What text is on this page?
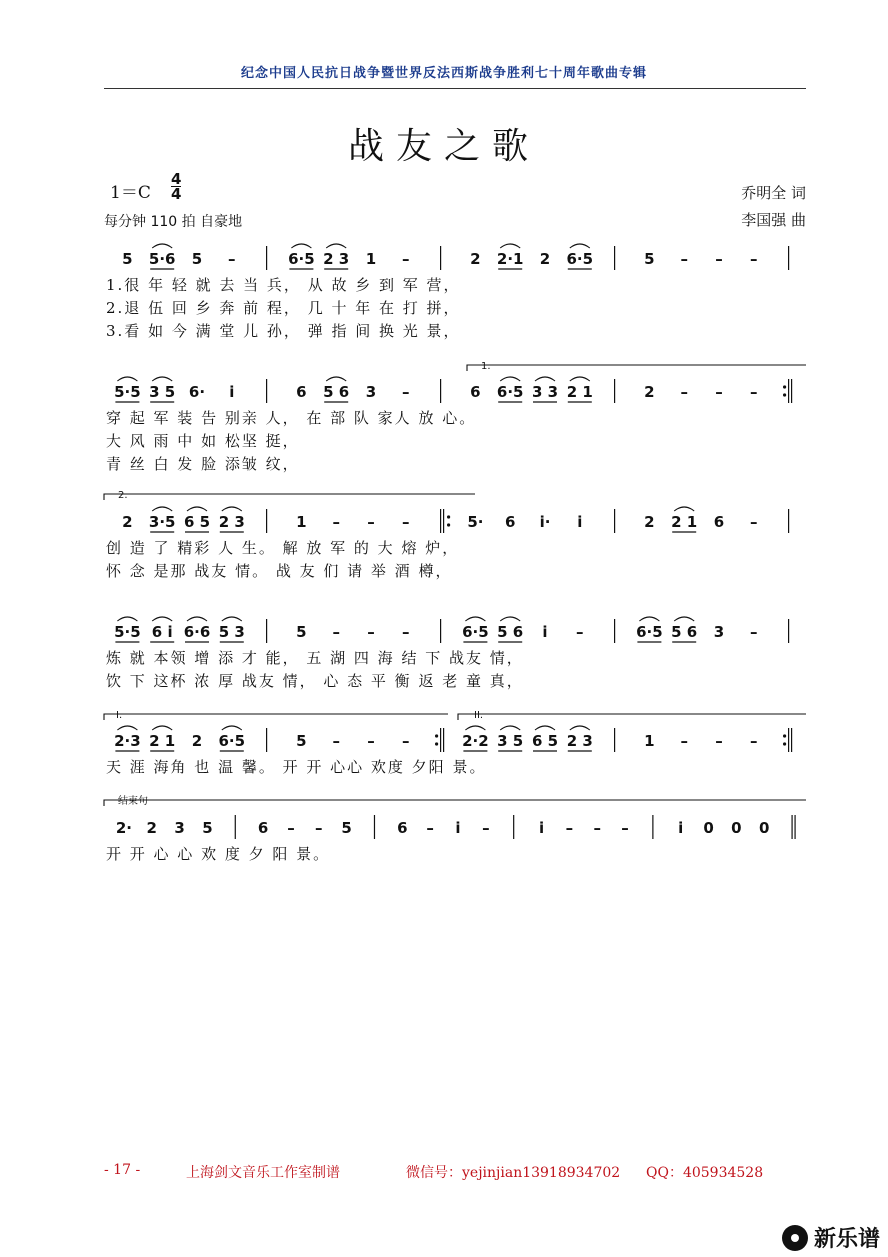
纪念中国人民抗日战争暨世界反法西斯战争胜利七十周年歌曲专辑
战友之歌
1＝C
4
4
每分钟 110 拍 自豪地
乔明全 词
李国强 曲
5 5·6 5 –	6·5 2 3 1 –	2 2·1 2 6·5	5 – – –
1.很 年 轻 就 去 当 兵， 从 故 乡 到 军 营，
2.退 伍 回 乡 奔 前 程， 几 十 年 在 打 拼，
3.看 如 今 满 堂 儿 孙， 弹 指 间 换 光 景，
5·5 3 5 6· i	6 5 6 3 –	6 6·5 3 3 2 1	2 – – –
穿 起 军 装 告 别亲 人， 在 部 队 家人 放 心。
大 风 雨 中 如 松坚 挺，
青 丝 白 发 脸 添皱 纹，
1.
2 3·5 6 5 2 3	1 – – –	5· 6 i· i	2 2 1 6 –
创 造 了 精彩 人 生。 解 放 军 的 大 熔 炉，
怀 念 是那 战友 情。 战 友 们 请 举 酒 樽，
2.
5·5 6 i 6·6 5 3	5 – – –	6·5 5 6 i –	6·5 5 6 3 –
炼 就 本领 增 添 才 能， 五 湖 四 海 结 下 战友 情，
饮 下 这杯 浓 厚 战友 情， 心 态 平 衡 返 老 童 真，
2·3 2 1 2 6·5	5 – – –	2·2 3 5 6 5 2 3	1 – – –
天 涯 海角 也 温 馨。 开 开 心心 欢度 夕阳 景。
I.	II.
2· 2 3 5	6 – – 5	6 – i –	i – – –	i 0 0 0
开 开 心 心 欢 度 夕 阳 景。
结束句
- 17 -	上海剑文音乐工作室制谱	微信号：yejinjian13918934702 QQ：405934528
新乐谱
